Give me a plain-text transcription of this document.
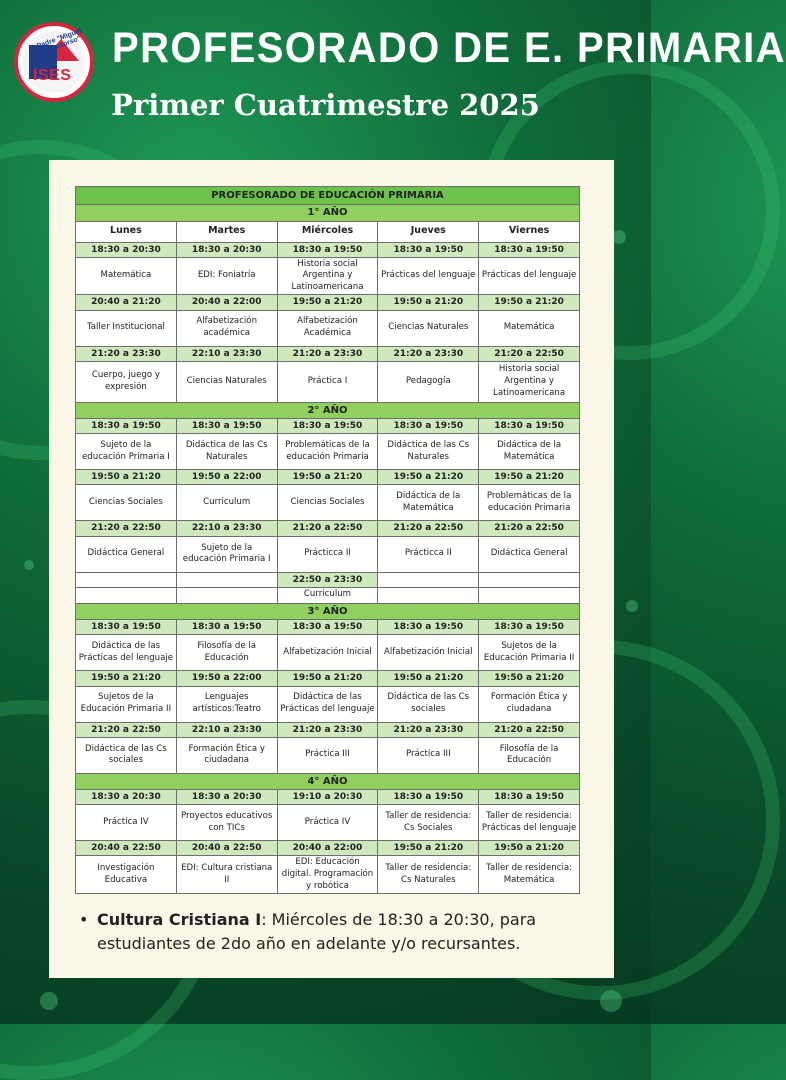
Padre "Miguel Bonaccorso"
ISES
PROFESORADO DE E. PRIMARIA
Primer Cuatrimestre 2025
PROFESORADO DE EDUCACIÓN PRIMARIA				
1° AÑO				
Lunes	Martes	Miércoles	Jueves	Viernes
18:30 a 20:30	18:30 a 20:30	18:30 a 19:50	18:30 a 19:50	18:30 a 19:50
Matemática	EDI: Foniatría	Historia social Argentina y Latinoamericana	Prácticas del lenguaje	Prácticas del lenguaje
20:40 a 21:20	20:40 a 22:00	19:50 a 21:20	19:50 a 21:20	19:50 a 21:20
Taller Institucional	Alfabetización académica	Alfabetización Académica	Ciencias Naturales	Matemática
21:20 a 23:30	22:10 a 23:30	21:20 a 23:30	21:20 a 23:30	21:20 a 22:50
Cuerpo, juego y expresión	Ciencias Naturales	Práctica I	Pedagogía	Historia social Argentina y Latinoamericana
2° AÑO				
18:30 a 19:50	18:30 a 19:50	18:30 a 19:50	18:30 a 19:50	18:30 a 19:50
Sujeto de la educación Primaria I	Didáctica de las Cs Naturales	Problemáticas de la educación Primaria	Didáctica de las Cs Naturales	Didáctica de la Matemática
19:50 a 21:20	19:50 a 22:00	19:50 a 21:20	19:50 a 21:20	19:50 a 21:20
Ciencias Sociales	Curriculum	Ciencias Sociales	Didáctica de la Matemática	Problemáticas de la educación Primaria
21:20 a 22:50	22:10 a 23:30	21:20 a 22:50	21:20 a 22:50	21:20 a 22:50
Didáctica General	Sujeto de la educación Primaria I	Prácticca II	Prácticca II	Didáctica General
		22:50 a 23:30		
		Curriculum		
3° AÑO				
18:30 a 19:50	18:30 a 19:50	18:30 a 19:50	18:30 a 19:50	18:30 a 19:50
Didáctica de las Prácticas del lenguaje	Filosofía de la Educación	Alfabetización Inicial	Alfabetización Inicial	Sujetos de la Educación Primaria II
19:50 a 21:20	19:50 a 22:00	19:50 a 21:20	19:50 a 21:20	19:50 a 21:20
Sujetos de la Educación Primaria II	Lenguajes artísticos:Teatro	Didáctica de las Prácticas del lenguaje	Didáctica de las Cs sociales	Formación Ética y ciudadana
21:20 a 22:50	22:10 a 23:30	21:20 a 23:30	21:20 a 23:30	21:20 a 22:50
Didáctica de las Cs sociales	Formación Ética y ciudadana	Práctica III	Práctica III	Filosofía de la Educación
4° AÑO				
18:30 a 20:30	18:30 a 20:30	19:10 a 20:30	18:30 a 19:50	18:30 a 19:50
Práctica IV	Proyectos educativos con TICs	Práctica IV	Taller de residencia: Cs Sociales	Taller de residencia: Prácticas del lenguaje
20:40 a 22:50	20:40 a 22:50	20:40 a 22:00	19:50 a 21:20	19:50 a 21:20
Investigación Educativa	EDI: Cultura cristiana II	EDI: Educación digital. Programación y robótica	Taller de residencia: Cs Naturales	Taller de residencia: Matemática
• Cultura Cristiana I: Miércoles de 18:30 a 20:30, para estudiantes de 2do año en adelante y/o recursantes.
